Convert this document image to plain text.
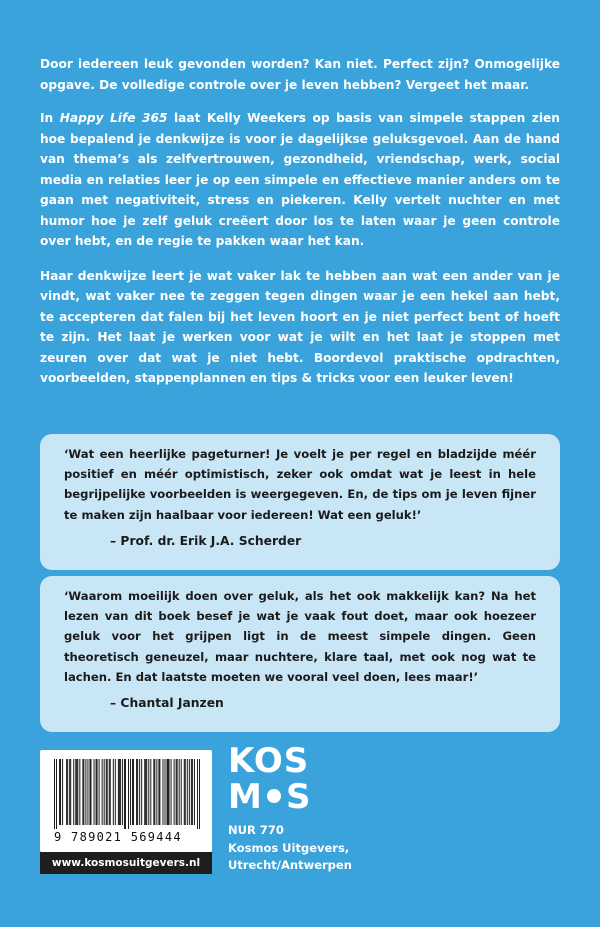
Door iedereen leuk gevonden worden? Kan niet. Perfect zijn? Onmogelijke opgave. De volledige controle over je leven hebben? Vergeet het maar.

In Happy Life 365 laat Kelly Weekers op basis van simpele stappen zien hoe bepalend je denkwijze is voor je dagelijkse geluksgevoel. Aan de hand van thema’s als zelfvertrouwen, gezondheid, vriendschap, werk, social media en relaties leer je op een simpele en effectieve manier anders om te gaan met negativiteit, stress en piekeren. Kelly vertelt nuchter en met humor hoe je zelf geluk creëert door los te laten waar je geen controle over hebt, en de regie te pakken waar het kan.

Haar denkwijze leert je wat vaker lak te hebben aan wat een ander van je vindt, wat vaker nee te zeggen tegen dingen waar je een hekel aan hebt, te accepteren dat falen bij het leven hoort en je niet perfect bent of hoeft te zijn. Het laat je werken voor wat je wilt en het laat je stoppen met zeuren over dat wat je niet hebt. Boordevol praktische opdrachten, voorbeelden, stappenplannen en tips & tricks voor een leuker leven!

‘Wat een heerlijke pageturner! Je voelt je per regel en bladzijde méér positief en méér optimistisch, zeker ook omdat wat je leest in hele begrijpelijke voorbeelden is weergegeven. En, de tips om je leven fijner te maken zijn haalbaar voor iedereen! Wat een geluk!’

– Prof. dr. Erik J.A. Scherder

‘Waarom moeilijk doen over geluk, als het ook makkelijk kan? Na het lezen van dit boek besef je wat je vaak fout doet, maar ook hoezeer geluk voor het grijpen ligt in de meest simpele dingen. Geen theoretisch geneuzel, maar nuchtere, klare taal, met ook nog wat te lachen. En dat laatste moeten we vooral veel doen, lees maar!’

– Chantal Janzen

9 789021 569444
www.kosmosuitgevers.nl
KOS
M S
NUR 770
Kosmos Uitgevers,
Utrecht/Antwerpen
